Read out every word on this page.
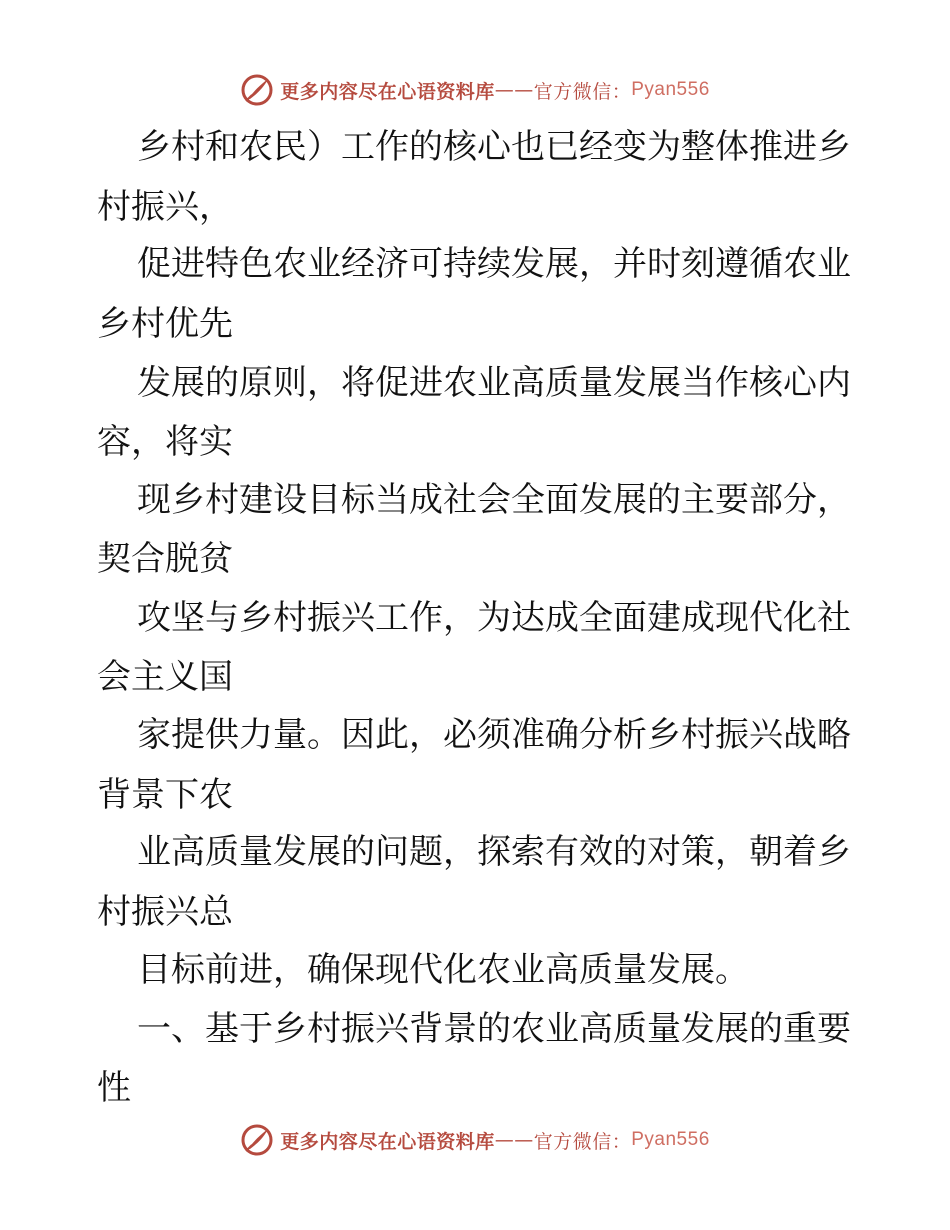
更多内容尽在心语资料库 —— 官方微信： Pyan556
乡村和农民）工作的核心也已经变为整体推进乡
村振兴，
促进特色农业经济可持续发展，并时刻遵循农业
乡村优先
发展的原则，将促进农业高质量发展当作核心内
容，将实
现乡村建设目标当成社会全面发展的主要部分，
契合脱贫
攻坚与乡村振兴工作，为达成全面建成现代化社
会主义国
家提供力量。因此，必须准确分析乡村振兴战略
背景下农
业高质量发展的问题，探索有效的对策，朝着乡
村振兴总
目标前进，确保现代化农业高质量发展。
一、基于乡村振兴背景的农业高质量发展的重要
性
更多内容尽在心语资料库 —— 官方微信： Pyan556
